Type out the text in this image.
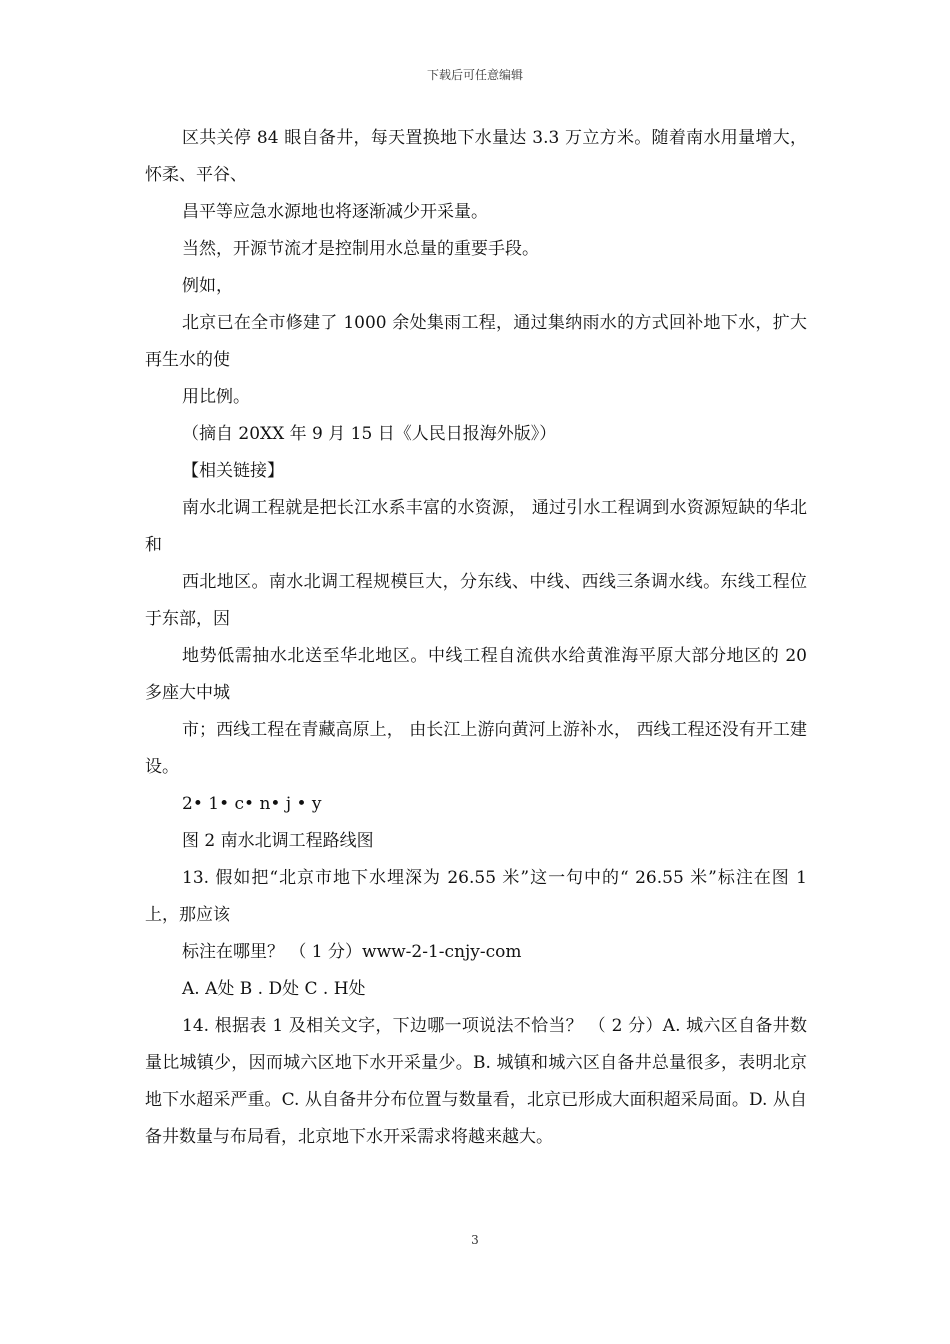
下载后可任意编辑

区共关停 84 眼自备井，每天置换地下水量达 3.3 万立方米。随着南水用量增大，怀柔、平谷、

昌平等应急水源地也将逐渐减少开采量。

当然，开源节流才是控制用水总量的重要手段。

例如，

北京已在全市修建了 1000 余处集雨工程，通过集纳雨水的方式回补地下水，扩大再生水的使

用比例。

（摘自 20XX 年 9 月 15 日《人民日报海外版》）

【相关链接】

南水北调工程就是把长江水系丰富的水资源， 通过引水工程调到水资源短缺的华北和

西北地区。南水北调工程规模巨大，分东线、中线、西线三条调水线。东线工程位于东部，因

地势低需抽水北送至华北地区。中线工程自流供水给黄淮海平原大部分地区的 20 多座大中城

市；西线工程在青藏高原上， 由长江上游向黄河上游补水， 西线工程还没有开工建设。

2• 1• c• n• j • y

图 2 南水北调工程路线图

13. 假如把“北京市地下水埋深为 26.55 米”这一句中的“ 26.55 米”标注在图 1 上，那应该

标注在哪里？ （ 1 分）www-2-1-cnjy-com

A. A处 B . D处 C . H处

14. 根据表 1 及相关文字，下边哪一项说法不恰当？ （ 2 分）A. 城六区自备井数量比城镇少，因而城六区地下水开采量少。B. 城镇和城六区自备井总量很多，表明北京地下水超采严重。C. 从自备井分布位置与数量看，北京已形成大面积超采局面。D. 从自备井数量与布局看，北京地下水开采需求将越来越大。

3
